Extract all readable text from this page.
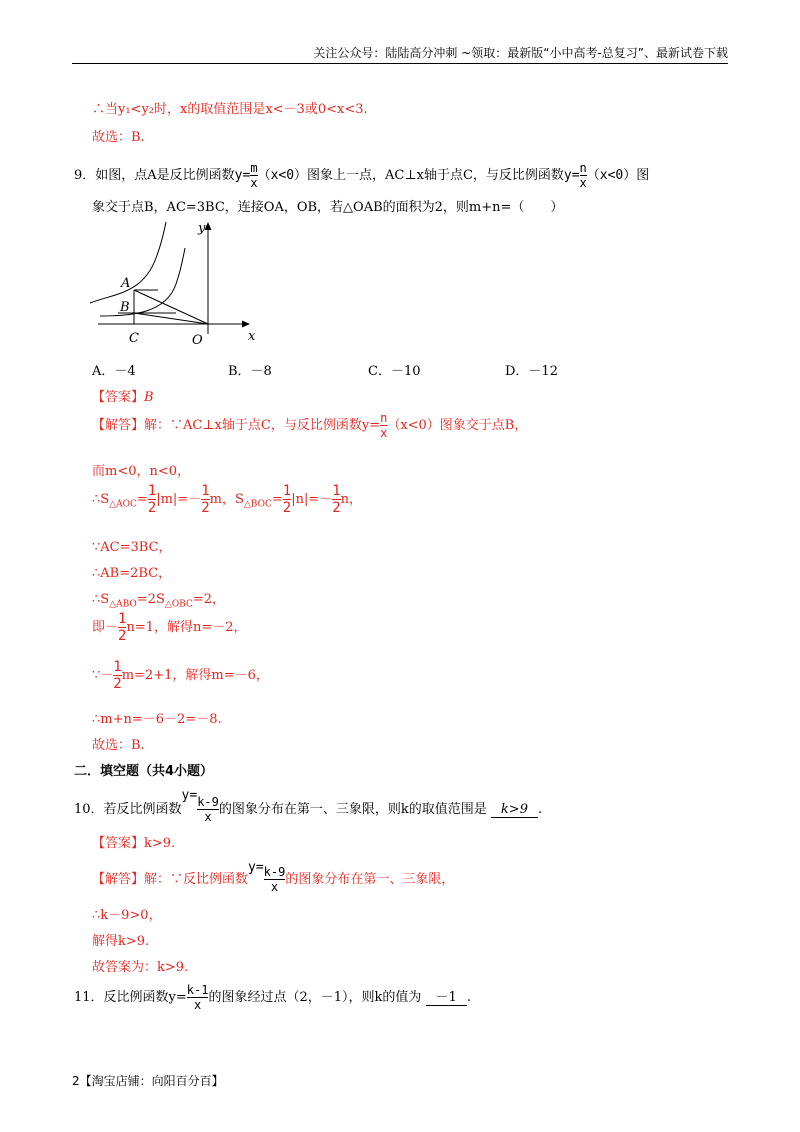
关注公众号：陆陆高分冲刺 ~领取：最新版“小中高考-总复习”、最新试卷下载
∴当y₁<y₂时，x的取值范围是x<－3或0<x<3.
故选：B.
9．如图，点A是反比例函数$y= \frac{m}{x} (x<0)$图象上一点，AC⊥x轴于点C，与反比例函数$y= \frac{n}{x} (x<0)$图
象交于点B，AC=3BC，连接OA，OB，若△OAB的面积为2，则m+n=（　　）
A
B
C	O	x
y
A．－4	B．－8	C．－10	D．－12
【答案】B
【解答】解：∵AC⊥x轴于点C，与反比例函数$y= \frac{n}{x} (x<0)$图象交于点B，
而m<0，n<0，
$\therefore S_{\triangle AOC}= \frac{1}{2} |m|=- \frac{1}{2}$ m，$S_{\triangle BOC}= \frac{1}{2} |n|=- \frac{1}{2}$ n，
∵AC=3BC，
∴AB=2BC，
$\therefore S_{\triangle ABO}=2S_{\triangle OBC}=2$，
即－ $\frac{1}{2} n=1$，解得n=－2，
∵－ $\frac{1}{2} m=2+1$，解得m=－6，
∴m+n=－6－2=－8.
故选：B.
二．填空题（共4小题）
10．若反比例函数y=
$\frac{k-9}{x}$ 的图象分布在第一、三象限，则k的取值范围是 k>9 .
【答案】k>9.
【解答】解：∵反比例函数$y= \frac{k-9}{x}$ 的图象分布在第一、三象限，
∴k－9>0，
解得k>9.
故答案为：k>9.
11．反比例函数$y= \frac{k-1}{x}$ 的图象经过点（2，－1），则k的值为 －1 .
2【淘宝店铺：向阳百分百】
